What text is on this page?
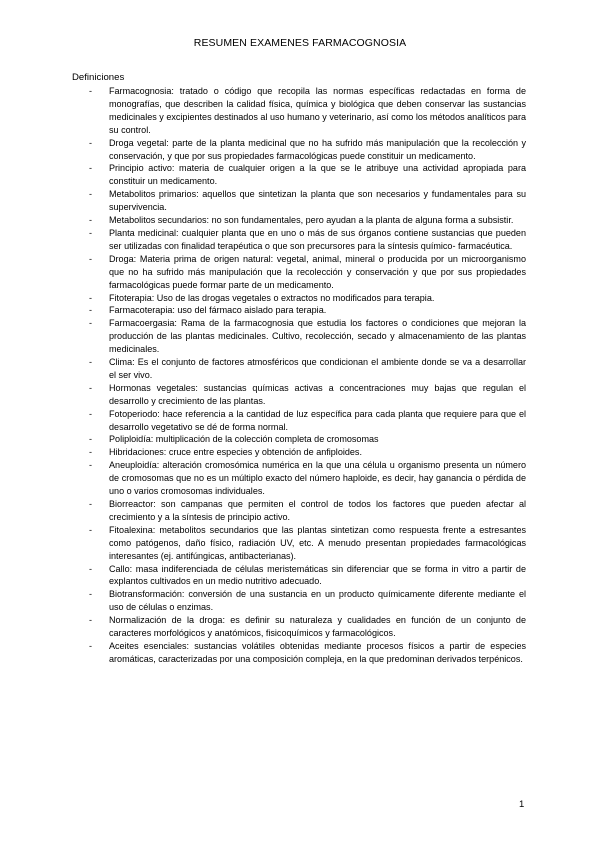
RESUMEN EXAMENES FARMACOGNOSIA
Definiciones
- Farmacognosia: tratado o código que recopila las normas específicas redactadas en forma de monografías, que describen la calidad física, química y biológica que deben conservar las sustancias medicinales y excipientes destinados al uso humano y veterinario, así como los métodos analíticos para su control.
- Droga vegetal: parte de la planta medicinal que no ha sufrido más manipulación que la recolección y conservación, y que por sus propiedades farmacológicas puede constituir un medicamento.
- Principio activo: materia de cualquier origen a la que se le atribuye una actividad apropiada para constituir un medicamento.
- Metabolitos primarios: aquellos que sintetizan la planta que son necesarios y fundamentales para su supervivencia.
- Metabolitos secundarios: no son fundamentales, pero ayudan a la planta de alguna forma a subsistir.
- Planta medicinal: cualquier planta que en uno o más de sus órganos contiene sustancias que pueden ser utilizadas con finalidad terapéutica o que son precursores para la síntesis químico- farmacéutica.
- Droga: Materia prima de origen natural: vegetal, animal, mineral o producida por un microorganismo que no ha sufrido más manipulación que la recolección y conservación y que por sus propiedades farmacológicas puede formar parte de un medicamento.
- Fitoterapia: Uso de las drogas vegetales o extractos no modificados para terapia.
- Farmacoterapia: uso del fármaco aislado para terapia.
- Farmacoergasia: Rama de la farmacognosia que estudia los factores o condiciones que mejoran la producción de las plantas medicinales. Cultivo, recolección, secado y almacenamiento de las plantas medicinales.
- Clima: Es el conjunto de factores atmosféricos que condicionan el ambiente donde se va a desarrollar el ser vivo.
- Hormonas vegetales: sustancias químicas activas a concentraciones muy bajas que regulan el desarrollo y crecimiento de las plantas.
- Fotoperiodo: hace referencia a la cantidad de luz específica para cada planta que requiere para que el desarrollo vegetativo se dé de forma normal.
- Poliploidía: multiplicación de la colección completa de cromosomas
- Hibridaciones: cruce entre especies y obtención de anfiploides.
- Aneuploidía: alteración cromosómica numérica en la que una célula u organismo presenta un número de cromosomas que no es un múltiplo exacto del número haploide, es decir, hay ganancia o pérdida de uno o varios cromosomas individuales.
- Biorreactor: son campanas que permiten el control de todos los factores que pueden afectar al crecimiento y a la síntesis de principio activo.
- Fitoalexina: metabolitos secundarios que las plantas sintetizan como respuesta frente a estresantes como patógenos, daño físico, radiación UV, etc. A menudo presentan propiedades farmacológicas interesantes (ej. antifúngicas, antibacterianas).
- Callo: masa indiferenciada de células meristemáticas sin diferenciar que se forma in vitro a partir de explantos cultivados en un medio nutritivo adecuado.
- Biotransformación: conversión de una sustancia en un producto químicamente diferente mediante el uso de células o enzimas.
- Normalización de la droga: es definir su naturaleza y cualidades en función de un conjunto de caracteres morfológicos y anatómicos, fisicoquímicos y farmacológicos.
- Aceites esenciales: sustancias volátiles obtenidas mediante procesos físicos a partir de especies aromáticas, caracterizadas por una composición compleja, en la que predominan derivados terpénicos.
1
